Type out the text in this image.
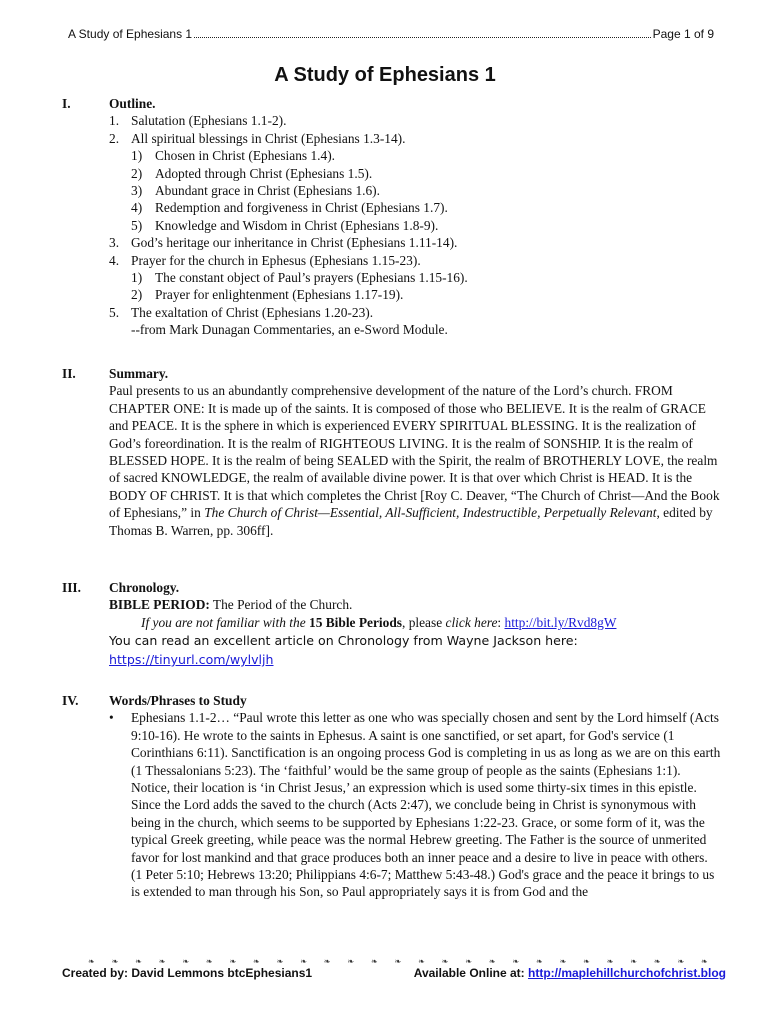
A Study of Ephesians 1	Page 1 of 9
A Study of Ephesians 1
I.	Outline.
1. Salutation (Ephesians 1.1-2).
2. All spiritual blessings in Christ (Ephesians 1.3-14).
1) Chosen in Christ (Ephesians 1.4).
2) Adopted through Christ (Ephesians 1.5).
3) Abundant grace in Christ (Ephesians 1.6).
4) Redemption and forgiveness in Christ (Ephesians 1.7).
5) Knowledge and Wisdom in Christ (Ephesians 1.8-9).
3. God’s heritage our inheritance in Christ (Ephesians 1.11-14).
4. Prayer for the church in Ephesus (Ephesians 1.15-23).
1) The constant object of Paul’s prayers (Ephesians 1.15-16).
2) Prayer for enlightenment (Ephesians 1.17-19).
5. The exaltation of Christ (Ephesians 1.20-23).
--from Mark Dunagan Commentaries, an e-Sword Module.
II. Summary.
Paul presents to us an abundantly comprehensive development of the nature of the Lord’s church. FROM CHAPTER ONE: It is made up of the saints. It is composed of those who BELIEVE. It is the realm of GRACE and PEACE. It is the sphere in which is experienced EVERY SPIRITUAL BLESSING. It is the realization of God’s foreordination. It is the realm of RIGHTEOUS LIVING. It is the realm of SONSHIP. It is the realm of BLESSED HOPE. It is the realm of being SEALED with the Spirit, the realm of BROTHERLY LOVE, the realm of sacred KNOWLEDGE, the realm of available divine power. It is that over which Christ is HEAD. It is the BODY OF CHRIST. It is that which completes the Christ [Roy C. Deaver, “The Church of Christ—And the Book of Ephesians,” in The Church of Christ—Essential, All-Sufficient, Indestructible, Perpetually Relevant, edited by Thomas B. Warren, pp. 306ff].
III. Chronology.
BIBLE PERIOD: The Period of the Church.
If you are not familiar with the 15 Bible Periods, please click here: http://bit.ly/Rvd8gW
You can read an excellent article on Chronology from Wayne Jackson here:
https://tinyurl.com/wylvljh
IV. Words/Phrases to Study
•	Ephesians 1.1-2… “Paul wrote this letter as one who was specially chosen and sent by the Lord himself (Acts 9:10-16). He wrote to the saints in Ephesus. A saint is one sanctified, or set apart, for God's service (1 Corinthians 6:11). Sanctification is an ongoing process God is completing in us as long as we are on this earth (1 Thessalonians 5:23). The ‘faithful’ would be the same group of people as the saints (Ephesians 1:1). Notice, their location is ‘in Christ Jesus,’ an expression which is used some thirty-six times in this epistle. Since the Lord adds the saved to the church (Acts 2:47), we conclude being in Christ is synonymous with being in the church, which seems to be supported by Ephesians 1:22-23. Grace, or some form of it, was the typical Greek greeting, while peace was the normal Hebrew greeting. The Father is the source of unmerited favor for lost mankind and that grace produces both an inner peace and a desire to live in peace with others. (1 Peter 5:10; Hebrews 13:20; Philippians 4:6-7; Matthew 5:43-48.) God's grace and the peace it brings to us is extended to man through his Son, so Paul appropriately says it is from God and the
❧ ❧ ❧ ❧ ❧ ❧ ❧ ❧ ❧ ❧ ❧ ❧ ❧ ❧ ❧ ❧ ❧ ❧ ❧ ❧ ❧ ❧ ❧ ❧ ❧ ❧ ❧
Created by: David Lemmons btcEphesians1	Available Online at: http://maplehillchurchofchrist.blog
